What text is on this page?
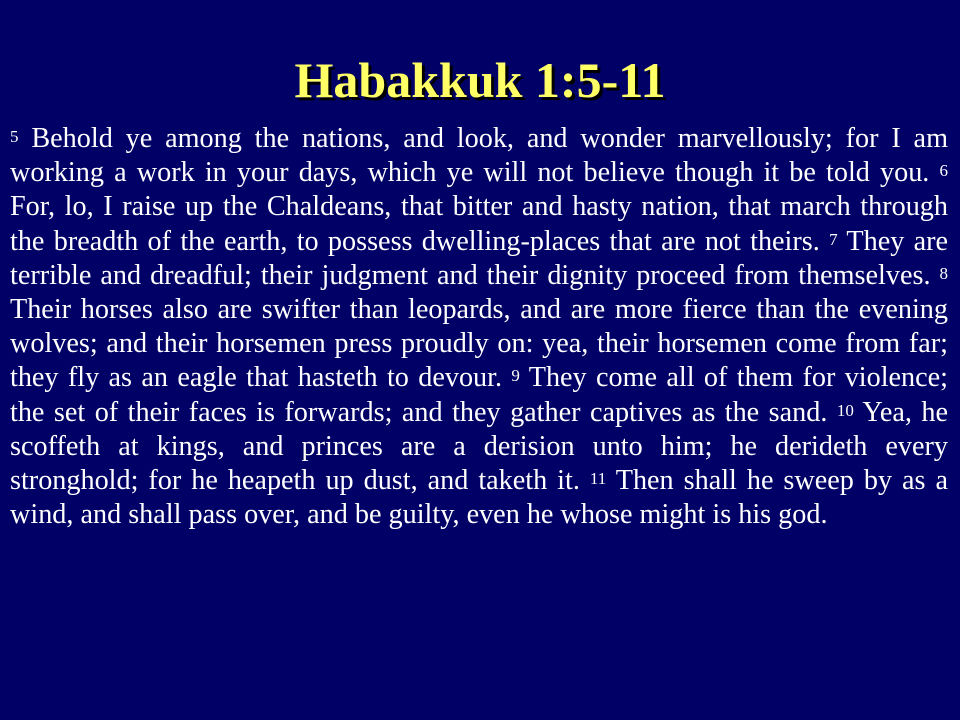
Habakkuk 1:5-11

$^5$ Behold ye among the nations, and look, and wonder marvellously; for I am working a work in your days, which ye will not believe though it be told you. $^6$ For, lo, I raise up the Chaldeans, that bitter and hasty nation, that march through the breadth of the earth, to possess dwelling-places that are not theirs. $^7$ They are terrible and dreadful; their judgment and their dignity proceed from themselves. $^8$ Their horses also are swifter than leopards, and are more fierce than the evening wolves; and their horsemen press proudly on: yea, their horsemen come from far; they fly as an eagle that hasteth to devour. $^9$ They come all of them for violence; the set of their faces is forwards; and they gather captives as the sand. $^{10}$ Yea, he scoffeth at kings, and princes are a derision unto him; he derideth every stronghold; for he heapeth up dust, and taketh it. $^{11}$ Then shall he sweep by as a wind, and shall pass over, and be guilty, even he whose might is his god.
